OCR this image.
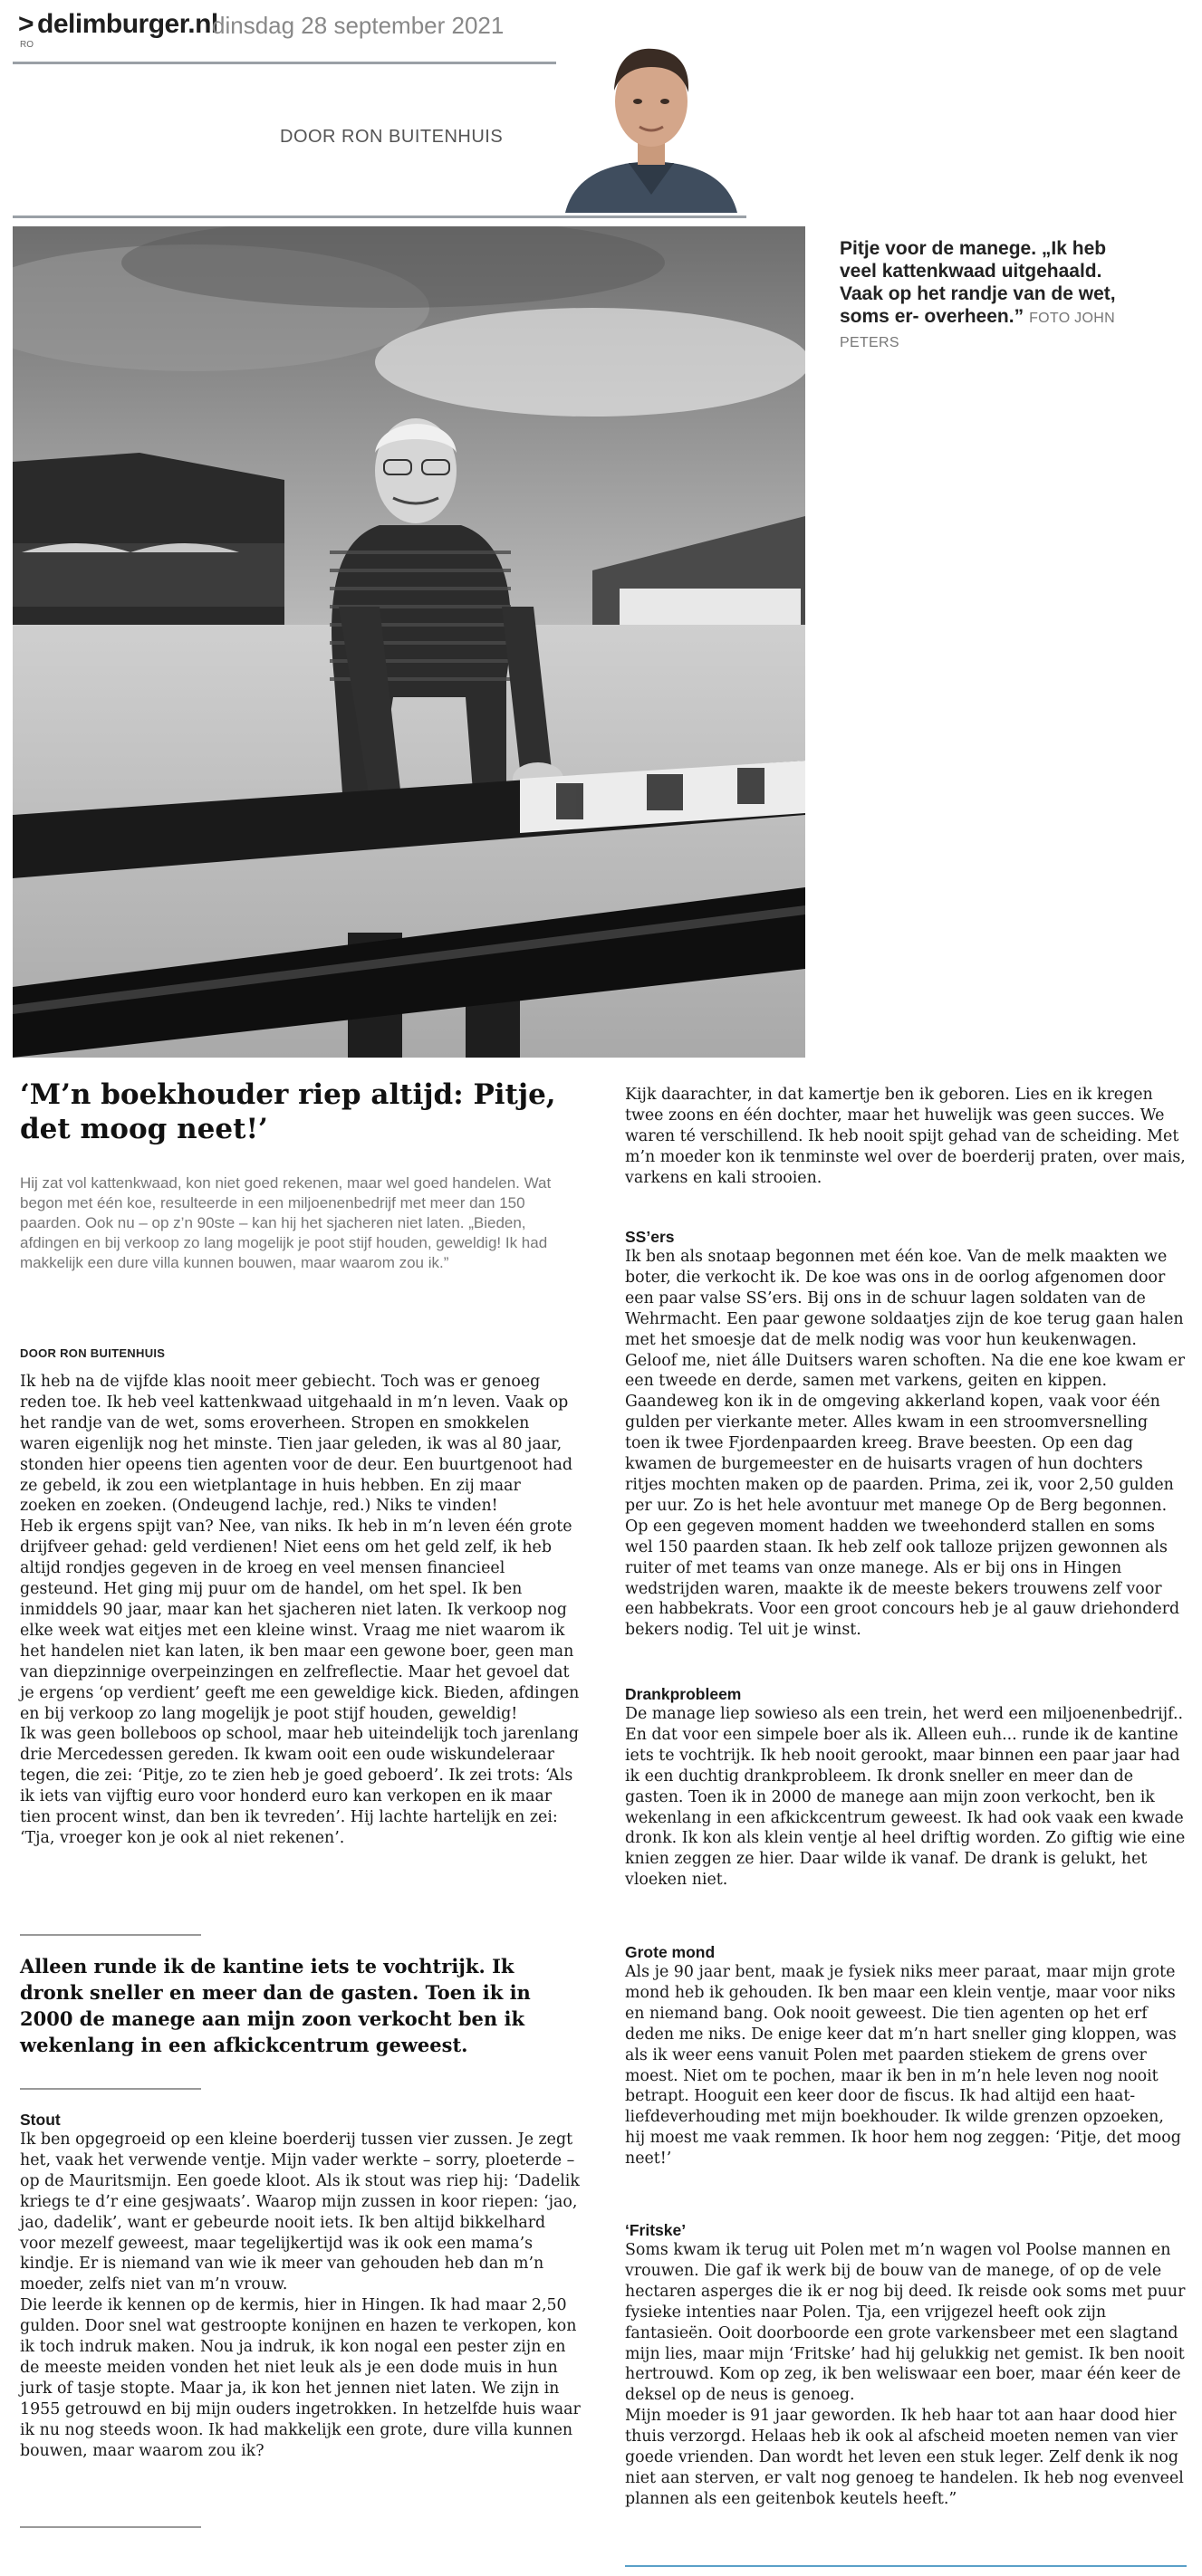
> delimburger.nl
RO
dinsdag 28 september 2021
DOOR RON BUITENHUIS
Pitje voor de manege. „Ik heb veel kattenkwaad uitgehaald. Vaak op het randje van de wet, soms er- overheen.” FOTO JOHN PETERS
‘M’n boekhouder riep altijd: Pitje, det moog neet!’
Hij zat vol kattenkwaad, kon niet goed rekenen, maar wel goed handelen. Wat begon met één koe, resulteerde in een miljoenenbedrijf met meer dan 150 paarden. Ook nu – op z’n 90ste – kan hij het sjacheren niet laten. „Bieden, afdingen en bij verkoop zo lang mogelijk je poot stijf houden, geweldig! Ik had makkelijk een dure villa kunnen bouwen, maar waarom zou ik.”
DOOR RON BUITENHUIS

Ik heb na de vijfde klas nooit meer gebiecht. Toch was er genoeg reden toe. Ik heb veel kattenkwaad uitgehaald in m’n leven. Vaak op het randje van de wet, soms eroverheen. Stropen en smokkelen waren eigenlijk nog het minste. Tien jaar geleden, ik was al 80 jaar, stonden hier opeens tien agenten voor de deur. Een buurtgenoot had ze gebeld, ik zou een wietplantage in huis hebben. En zij maar zoeken en zoeken. (Ondeugend lachje, red.) Niks te vinden!

Heb ik ergens spijt van? Nee, van niks. Ik heb in m’n leven één grote drijfveer gehad: geld verdienen! Niet eens om het geld zelf, ik heb altijd rondjes gegeven in de kroeg en veel mensen financieel gesteund. Het ging mij puur om de handel, om het spel. Ik ben inmiddels 90 jaar, maar kan het sjacheren niet laten. Ik verkoop nog elke week wat eitjes met een kleine winst. Vraag me niet waarom ik het handelen niet kan laten, ik ben maar een gewone boer, geen man van diepzinnige overpeinzingen en zelfreflectie. Maar het gevoel dat je ergens ‘op verdient’ geeft me een geweldige kick. Bieden, afdingen en bij verkoop zo lang mogelijk je poot stijf houden, geweldig!

Ik was geen bolleboos op school, maar heb uiteindelijk toch jarenlang drie Mercedessen gereden. Ik kwam ooit een oude wiskundeleraar tegen, die zei: ‘Pitje, zo te zien heb je goed geboerd’. Ik zei trots: ‘Als ik iets van vijftig euro voor honderd euro kan verkopen en ik maar tien procent winst, dan ben ik tevreden’. Hij lachte hartelijk en zei: ‘Tja, vroeger kon je ook al niet rekenen’.

Alleen runde ik de kantine iets te vochtrijk. Ik dronk sneller en meer dan de gasten. Toen ik in 2000 de manege aan mijn zoon verkocht ben ik wekenlang in een afkickcentrum geweest.

Stout

Ik ben opgegroeid op een kleine boerderij tussen vier zussen. Je zegt het, vaak het verwende ventje. Mijn vader werkte – sorry, ploeterde – op de Mauritsmijn. Een goede kloot. Als ik stout was riep hij: ‘Dadelik kriegs te d’r eine gesjwaats’. Waarop mijn zussen in koor riepen: ‘jao, jao, dadelik’, want er gebeurde nooit iets. Ik ben altijd bikkelhard voor mezelf geweest, maar tegelijkertijd was ik ook een mama’s kindje. Er is niemand van wie ik meer van gehouden heb dan m’n moeder, zelfs niet van m’n vrouw.

Die leerde ik kennen op de kermis, hier in Hingen. Ik had maar 2,50 gulden. Door snel wat gestroopte konijnen en hazen te verkopen, kon ik toch indruk maken. Nou ja indruk, ik kon nogal een pester zijn en de meeste meiden vonden het niet leuk als je een dode muis in hun jurk of tasje stopte. Maar ja, ik kon het jennen niet laten. We zijn in 1955 getrouwd en bij mijn ouders ingetrokken. In hetzelfde huis waar ik nu nog steeds woon. Ik had makkelijk een grote, dure villa kunnen bouwen, maar waarom zou ik?

Kijk daarachter, in dat kamertje ben ik geboren. Lies en ik kregen twee zoons en één dochter, maar het huwelijk was geen succes. We waren té verschillend. Ik heb nooit spijt gehad van de scheiding. Met m’n moeder kon ik tenminste wel over de boerderij praten, over mais, varkens en kali strooien.

SS’ers

Ik ben als snotaap begonnen met één koe. Van de melk maakten we boter, die verkocht ik. De koe was ons in de oorlog afgenomen door een paar valse SS’ers. Bij ons in de schuur lagen soldaten van de Wehrmacht. Een paar gewone soldaatjes zijn de koe terug gaan halen met het smoesje dat de melk nodig was voor hun keukenwagen. Geloof me, niet álle Duitsers waren schoften. Na die ene koe kwam er een tweede en derde, samen met varkens, geiten en kippen. Gaandeweg kon ik in de omgeving akkerland kopen, vaak voor één gulden per vierkante meter. Alles kwam in een stroomversnelling toen ik twee Fjordenpaarden kreeg. Brave beesten. Op een dag kwamen de burgemeester en de huisarts vragen of hun dochters ritjes mochten maken op de paarden. Prima, zei ik, voor 2,50 gulden per uur. Zo is het hele avontuur met manege Op de Berg begonnen. Op een gegeven moment hadden we tweehonderd stallen en soms wel 150 paarden staan. Ik heb zelf ook talloze prijzen gewonnen als ruiter of met teams van onze manege. Als er bij ons in Hingen wedstrijden waren, maakte ik de meeste bekers trouwens zelf voor een habbekrats. Voor een groot concours heb je al gauw driehonderd bekers nodig. Tel uit je winst.

Drankprobleem

De manage liep sowieso als een trein, het werd een miljoenenbedrijf.. En dat voor een simpele boer als ik. Alleen euh... runde ik de kantine iets te vochtrijk. Ik heb nooit gerookt, maar binnen een paar jaar had ik een duchtig drankprobleem. Ik dronk sneller en meer dan de gasten. Toen ik in 2000 de manege aan mijn zoon verkocht, ben ik wekenlang in een afkickcentrum geweest. Ik had ook vaak een kwade dronk. Ik kon als klein ventje al heel driftig worden. Zo giftig wie eine knien zeggen ze hier. Daar wilde ik vanaf. De drank is gelukt, het vloeken niet.

Grote mond

Als je 90 jaar bent, maak je fysiek niks meer paraat, maar mijn grote mond heb ik gehouden. Ik ben maar een klein ventje, maar voor niks en niemand bang. Ook nooit geweest. Die tien agenten op het erf deden me niks. De enige keer dat m’n hart sneller ging kloppen, was als ik weer eens vanuit Polen met paarden stiekem de grens over moest. Niet om te pochen, maar ik ben in m’n hele leven nog nooit betrapt. Hooguit een keer door de fiscus. Ik had altijd een haat-liefdeverhouding met mijn boekhouder. Ik wilde grenzen opzoeken, hij moest me vaak remmen. Ik hoor hem nog zeggen: ‘Pitje, det moog neet!’

‘Fritske’

Soms kwam ik terug uit Polen met m’n wagen vol Poolse mannen en vrouwen. Die gaf ik werk bij de bouw van de manege, of op de vele hectaren asperges die ik er nog bij deed. Ik reisde ook soms met puur fysieke intenties naar Polen. Tja, een vrijgezel heeft ook zijn fantasieën. Ooit doorboorde een grote varkensbeer met een slagtand mijn lies, maar mijn ‘Fritske’ had hij gelukkig net gemist. Ik ben nooit hertrouwd. Kom op zeg, ik ben weliswaar een boer, maar één keer de deksel op de neus is genoeg.

Mijn moeder is 91 jaar geworden. Ik heb haar tot aan haar dood hier thuis verzorgd. Helaas heb ik ook al afscheid moeten nemen van vier goede vrienden. Dan wordt het leven een stuk leger. Zelf denk ik nog niet aan sterven, er valt nog genoeg te handelen. Ik heb nog evenveel plannen als een geitenbok keutels heeft.”
